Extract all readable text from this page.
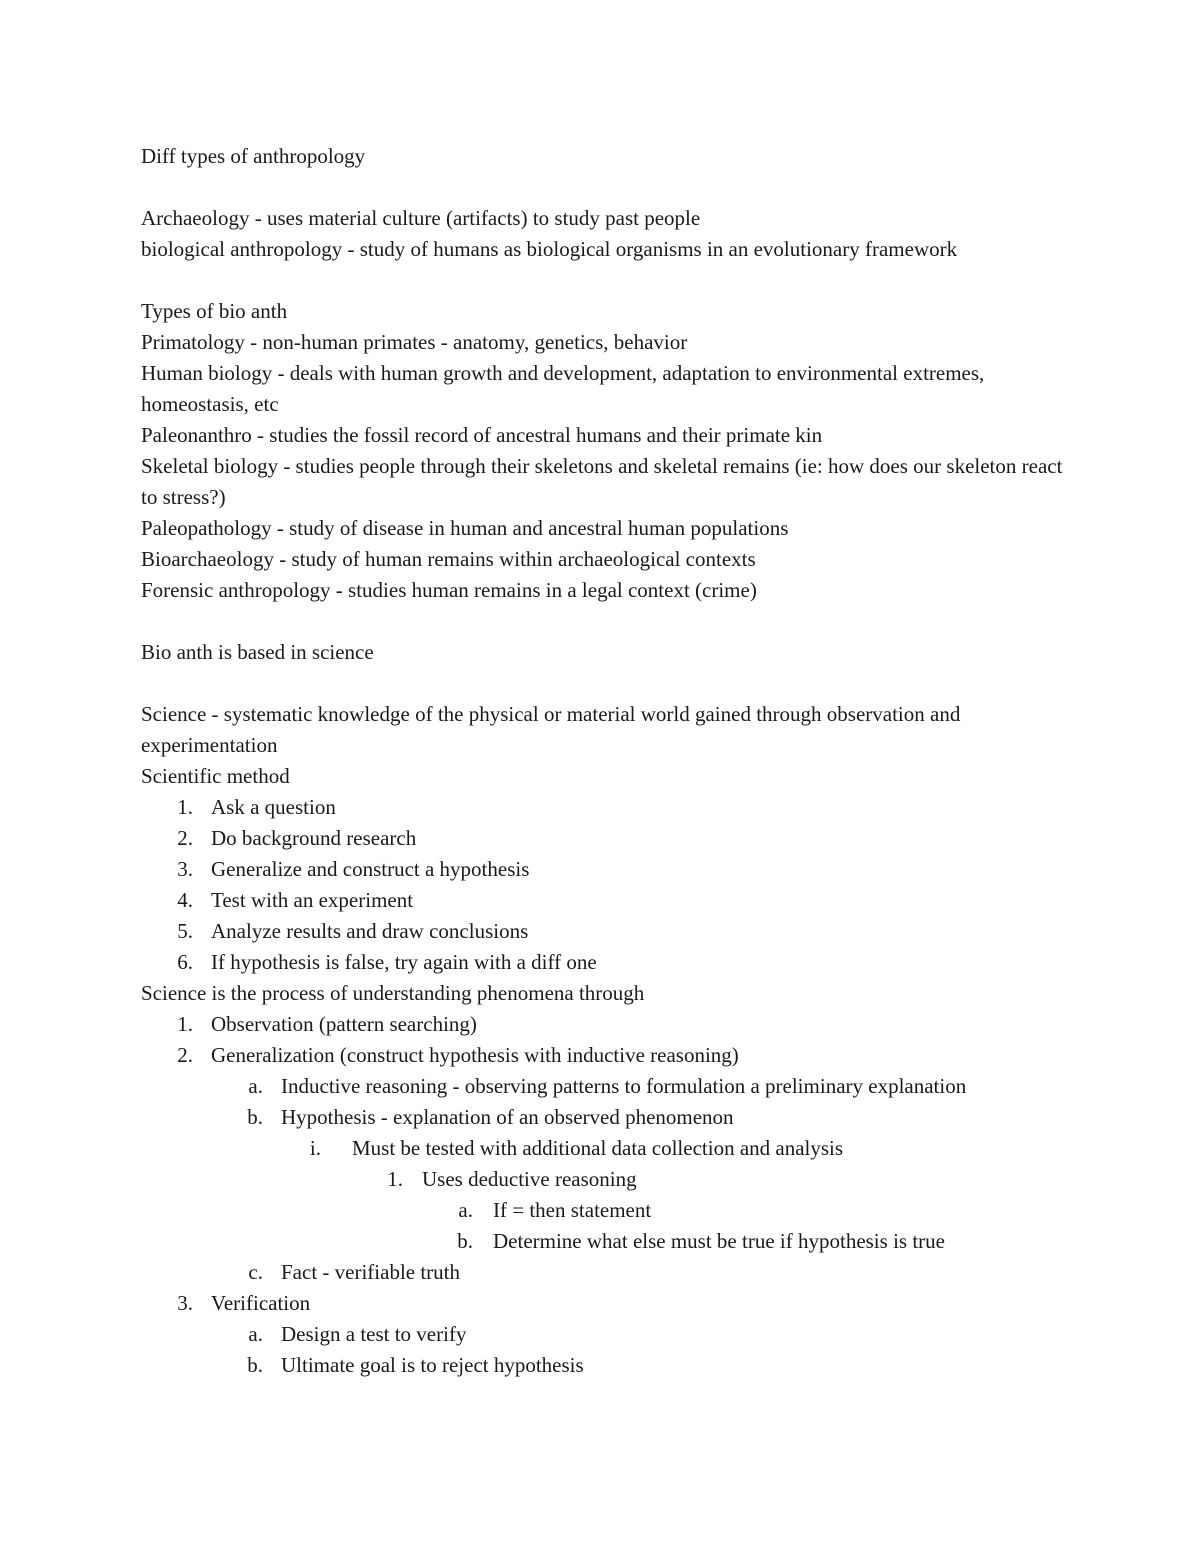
Diff types of anthropology
Archaeology - uses material culture (artifacts) to study past people
biological anthropology - study of humans as biological organisms in an evolutionary framework
Types of bio anth
Primatology - non-human primates - anatomy, genetics, behavior
Human biology - deals with human growth and development, adaptation to environmental extremes, homeostasis, etc
Paleonanthro - studies the fossil record of ancestral humans and their primate kin
Skeletal biology - studies people through their skeletons and skeletal remains (ie: how does our skeleton react to stress?)
Paleopathology - study of disease in human and ancestral human populations
Bioarchaeology - study of human remains within archaeological contexts
Forensic anthropology - studies human remains in a legal context (crime)
Bio anth is based in science
Science - systematic knowledge of the physical or material world gained through observation and experimentation
Scientific method
1. Ask a question
2. Do background research
3. Generalize and construct a hypothesis
4. Test with an experiment
5. Analyze results and draw conclusions
6. If hypothesis is false, try again with a diff one
Science is the process of understanding phenomena through
1. Observation (pattern searching)
2. Generalization (construct hypothesis with inductive reasoning)
a. Inductive reasoning - observing patterns to formulation a preliminary explanation
b. Hypothesis - explanation of an observed phenomenon
i. Must be tested with additional data collection and analysis
1. Uses deductive reasoning
a. If = then statement
b. Determine what else must be true if hypothesis is true
c. Fact - verifiable truth
3. Verification
a. Design a test to verify
b. Ultimate goal is to reject hypothesis
